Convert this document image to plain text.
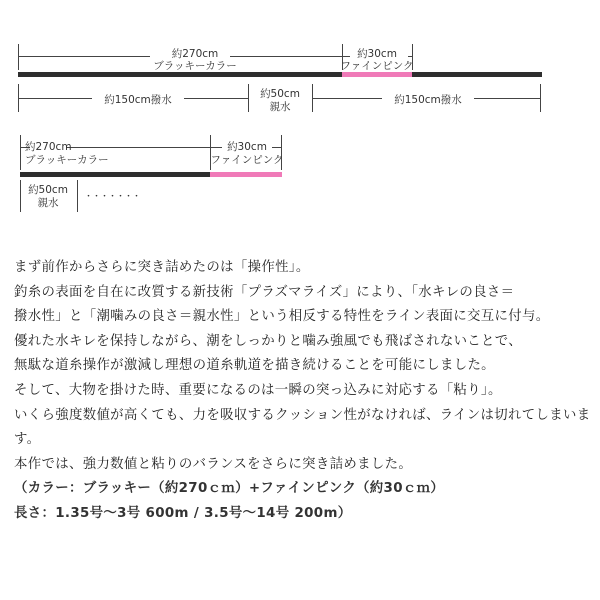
約270cm
ブラッキーカラー
約30cm
ファインピンク
約150cm撥水	約50cm
親水
約150cm撥水
約270cm
ブラッキーカラー
約30cm
ファインピンク
約50cm
親水	・・・・・・・

まず前作からさらに突き詰めたのは「操作性」。

釣糸の表面を自在に改質する新技術「プラズマライズ」により、「水キレの良さ＝

撥水性」と「潮噛みの良さ＝親水性」という相反する特性をライン表面に交互に付与。

優れた水キレを保持しながら、潮をしっかりと噛み強風でも飛ばされないことで、

無駄な道糸操作が激減し理想の道糸軌道を描き続けることを可能にしました。

そして、大物を掛けた時、重要になるのは一瞬の突っ込みに対応する「粘り」。

いくら強度数値が高くても、力を吸収するクッション性がなければ、ラインは切れてしまいます。

本作では、強力数値と粘りのバランスをさらに突き詰めました。

（カラー：ブラッキー（約270ｃｍ）+ファインピンク（約30ｃｍ）

長さ：1.35号～3号 600m / 3.5号～14号 200m）
